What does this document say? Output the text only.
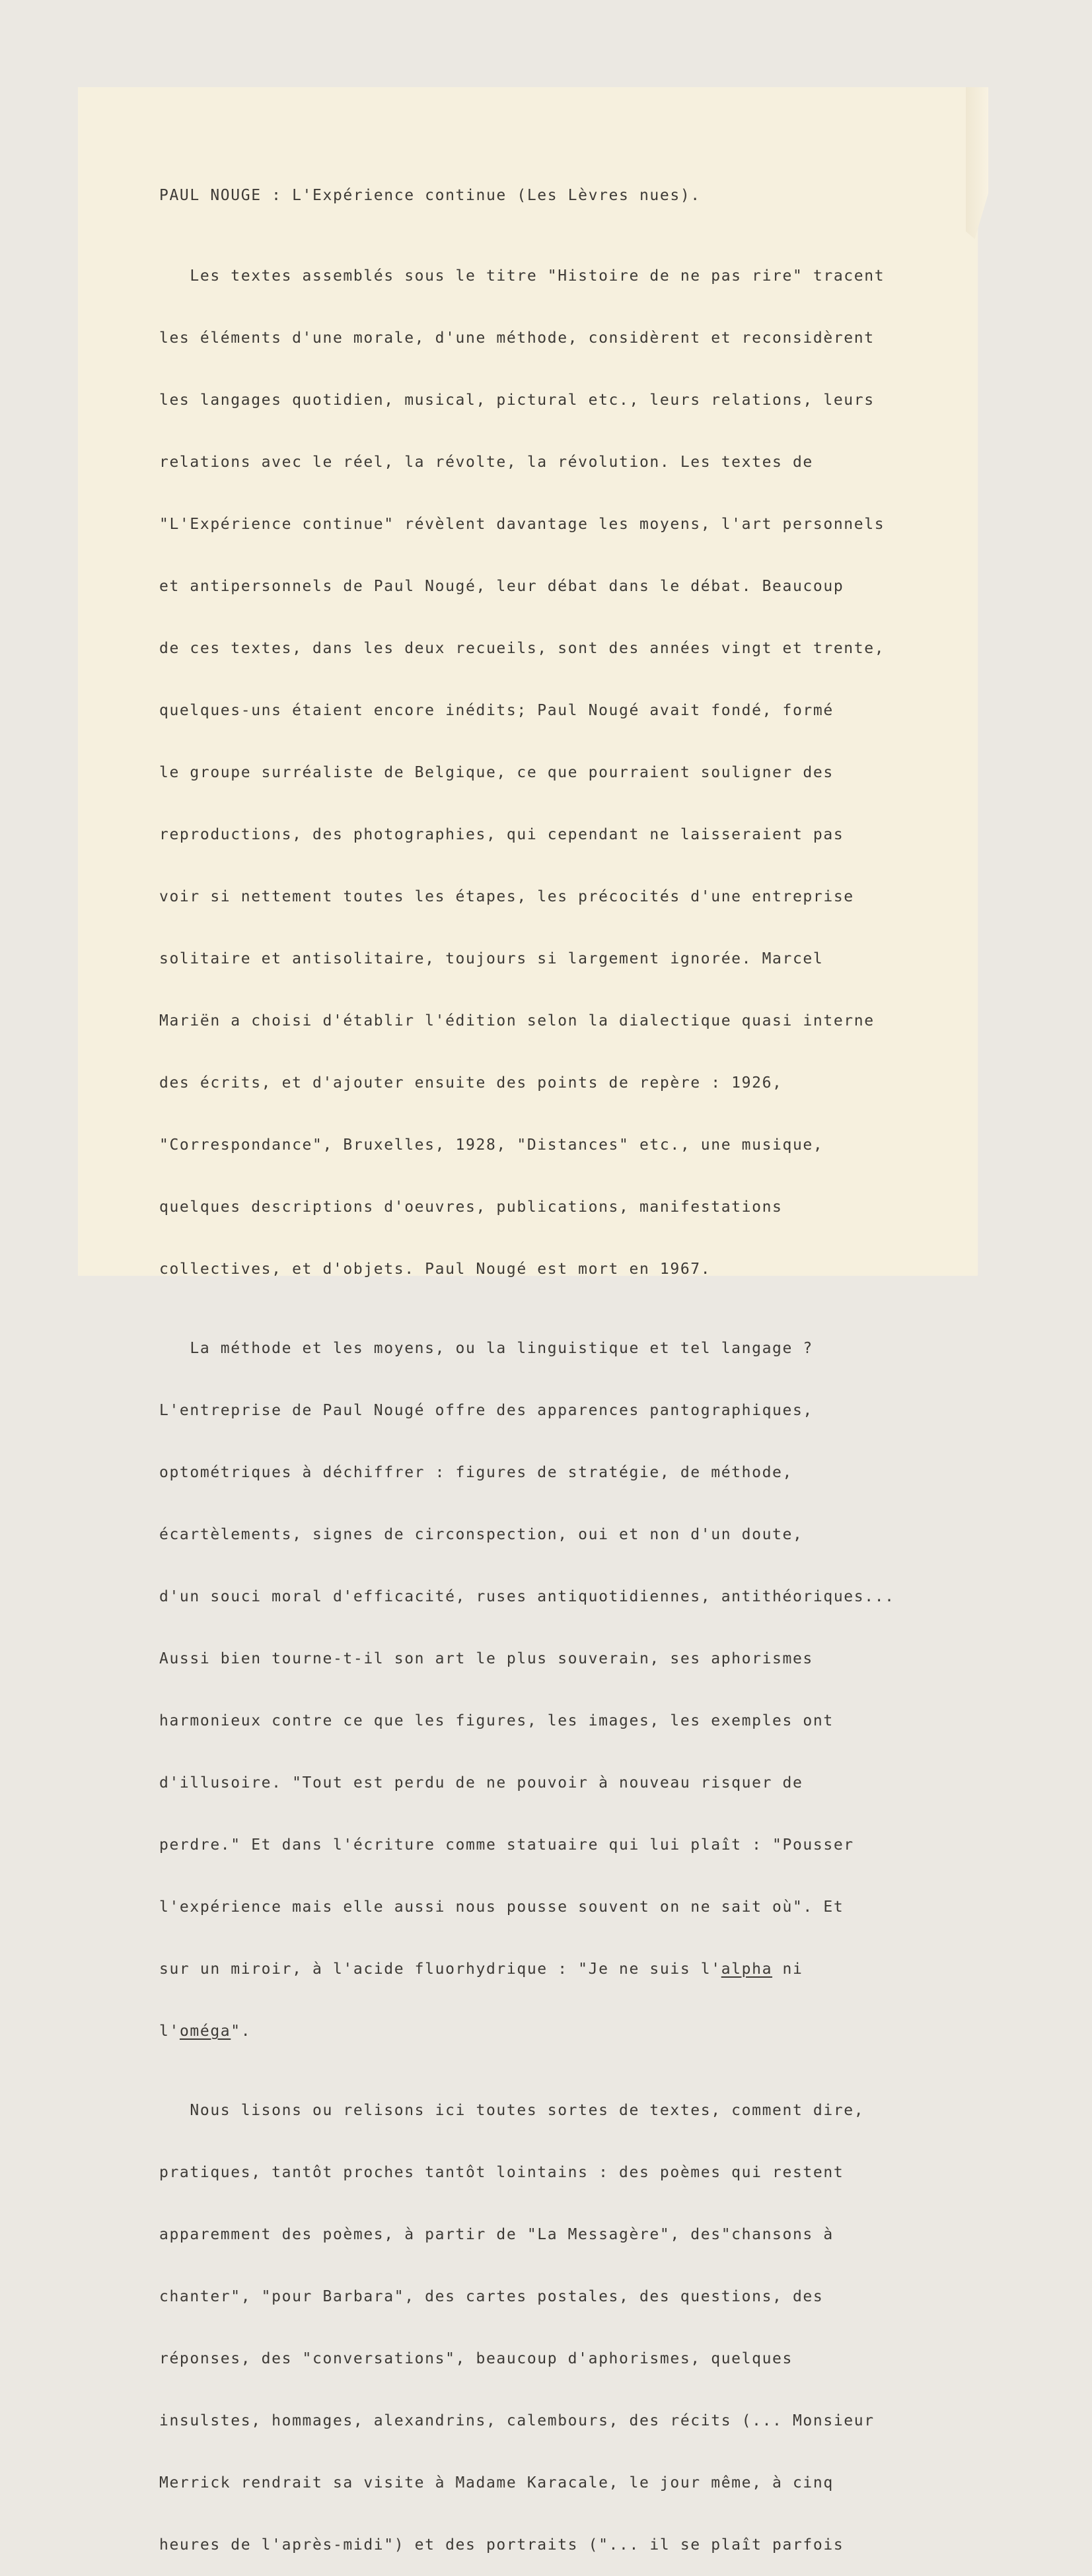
PAUL NOUGE : L'Expérience continue (Les Lèvres nues).

Les textes assemblés sous le titre "Histoire de ne pas rire" tracent

les éléments d'une morale, d'une méthode, considèrent et reconsidèrent

les langages quotidien, musical, pictural etc., leurs relations, leurs

relations avec le réel, la révolte, la révolution. Les textes de

"L'Expérience continue" révèlent davantage les moyens, l'art personnels

et antipersonnels de Paul Nougé, leur débat dans le débat. Beaucoup

de ces textes, dans les deux recueils, sont des années vingt et trente,

quelques-uns étaient encore inédits; Paul Nougé avait fondé, formé

le groupe surréaliste de Belgique, ce que pourraient souligner des

reproductions, des photographies, qui cependant ne laisseraient pas

voir si nettement toutes les étapes, les précocités d'une entreprise

solitaire et antisolitaire, toujours si largement ignorée. Marcel

Mariën a choisi d'établir l'édition selon la dialectique quasi interne

des écrits, et d'ajouter ensuite des points de repère : 1926,

"Correspondance", Bruxelles, 1928, "Distances" etc., une musique,

quelques descriptions d'oeuvres, publications, manifestations

collectives, et d'objets. Paul Nougé est mort en 1967.

La méthode et les moyens, ou la linguistique et tel langage ?

L'entreprise de Paul Nougé offre des apparences pantographiques,

optométriques à déchiffrer : figures de stratégie, de méthode,

écartèlements, signes de circonspection, oui et non d'un doute,

d'un souci moral d'efficacité, ruses antiquotidiennes, antithéoriques...

Aussi bien tourne-t-il son art le plus souverain, ses aphorismes

harmonieux contre ce que les figures, les images, les exemples ont

d'illusoire. "Tout est perdu de ne pouvoir à nouveau risquer de

perdre." Et dans l'écriture comme statuaire qui lui plaît : "Pousser

l'expérience mais elle aussi nous pousse souvent on ne sait où". Et

sur un miroir, à l'acide fluorhydrique : "Je ne suis l'alpha ni

l'oméga".

Nous lisons ou relisons ici toutes sortes de textes, comment dire,

pratiques, tantôt proches tantôt lointains : des poèmes qui restent

apparemment des poèmes, à partir de "La Messagère", des"chansons à

chanter", "pour Barbara", des cartes postales, des questions, des

réponses, des "conversations", beaucoup d'aphorismes, quelques

insulstes, hommages, alexandrins, calembours, des récits (... Monsieur

Merrick rendrait sa visite à Madame Karacale, le jour même, à cinq

heures de l'après-midi") et des portraits ("... il se plaît parfois
